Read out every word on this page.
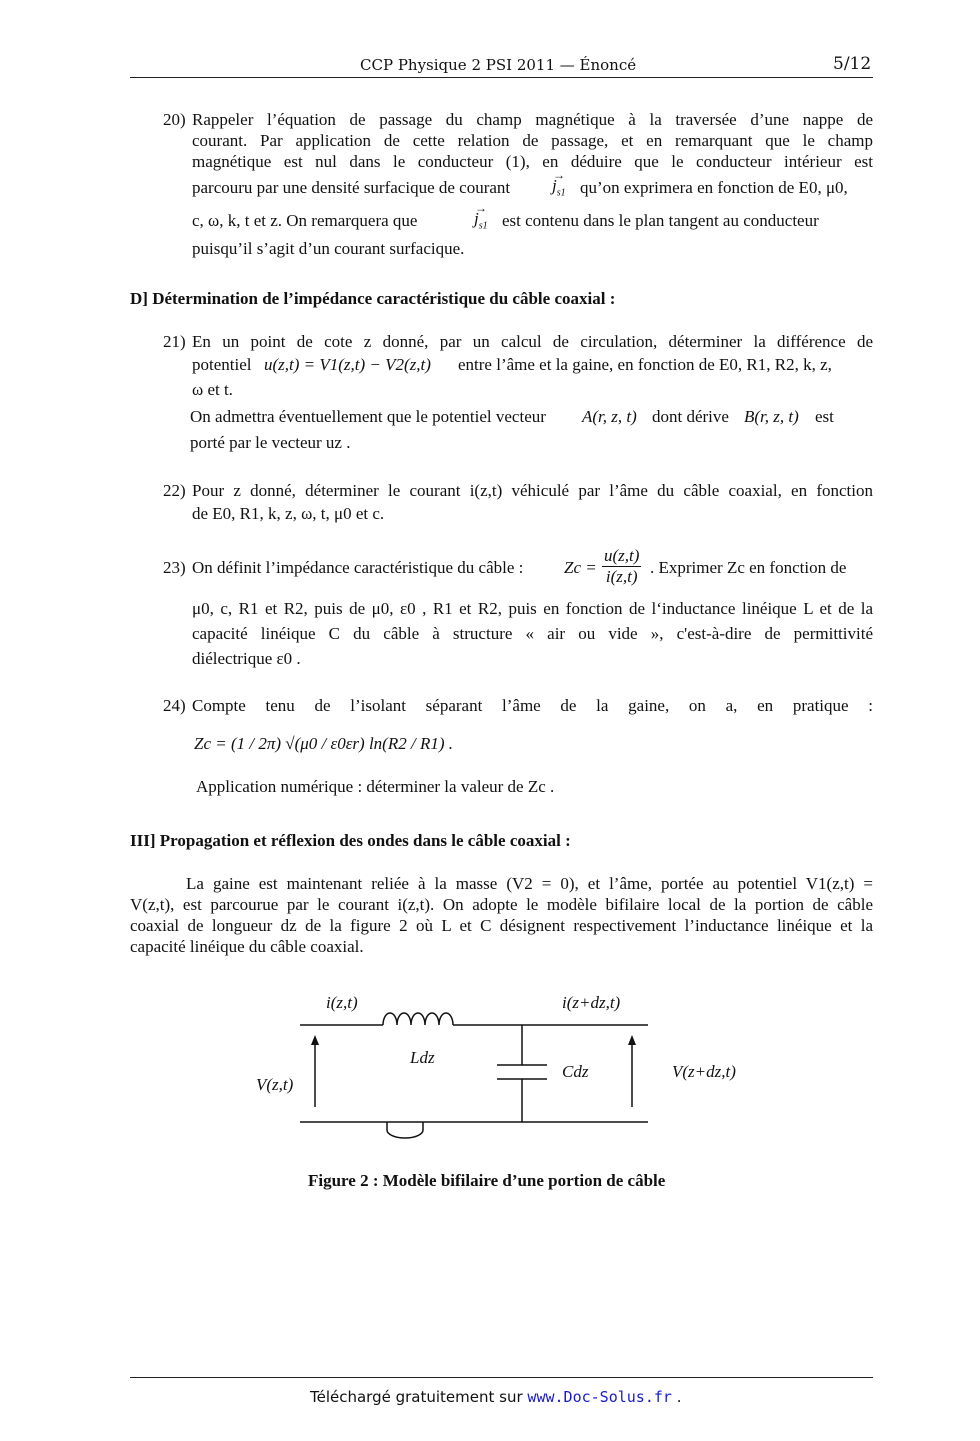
CCP Physique 2 PSI 2011 — Énoncé	5/12
20) Rappeler l’équation de passage du champ magnétique à la traversée d’une nappe de
courant. Par application de cette relation de passage, et en remarquant que le champ
magnétique est nul dans le conducteur (1), en déduire que le conducteur intérieur est
parcouru par une densité surfacique de courant
→
$j_{s1}$ qu’on exprimera en fonction de E0, μ0,
c, ω, k, t et z. On remarquera que
→
$j_{s1}$ est contenu dans le plan tangent au conducteur
puisqu’il s’agit d’un courant surfacique.
D] Détermination de l’impédance caractéristique du câble coaxial :
21) En un point de cote z donné, par un calcul de circulation, déterminer la différence de
potentiel u(z,t) = V1(z,t) − V2(z,t) entre l’âme et la gaine, en fonction de E0, R1, R2, k, z,
ω et t.
On admettra éventuellement que le potentiel vecteur A(r, z, t) dont dérive B(r, z, t) est
porté par le vecteur uz .
22) Pour z donné, déterminer le courant i(z,t) véhiculé par l’âme du câble coaxial, en fonction
de E0, R1, k, z, ω, t, μ0 et c.
23) On définit l’impédance caractéristique du câble : $Zc = \frac{u(z,t)}{i(z,t)}$ . Exprimer Zc en fonction de
μ0, c, R1 et R2, puis de μ0, ε0 , R1 et R2, puis en fonction de l‘inductance linéique L et de la
capacité linéique C du câble à structure « air ou vide », c'est-à-dire de permittivité
diélectrique ε0 .
24) Compte tenu de l’isolant séparant l’âme de la gaine, on a, en pratique :
Zc = (1 / 2π) √(μ0 / ε0εr) ln(R2 / R1) .
Application numérique : déterminer la valeur de Zc .
III] Propagation et réflexion des ondes dans le câble coaxial :
La gaine est maintenant reliée à la masse (V2 = 0), et l’âme, portée au potentiel V1(z,t) =
V(z,t), est parcourue par le courant i(z,t). On adopte le modèle bifilaire local de la portion de câble
coaxial de longueur dz de la figure 2 où L et C désignent respectivement l’inductance linéique et la
capacité linéique du câble coaxial.
i(z,t)	i(z+dz,t)
Ldz
Cdz
V(z,t)
V(z+dz,t)
Figure 2 : Modèle bifilaire d’une portion de câble
Téléchargé gratuitement sur www.Doc-Solus.fr .
